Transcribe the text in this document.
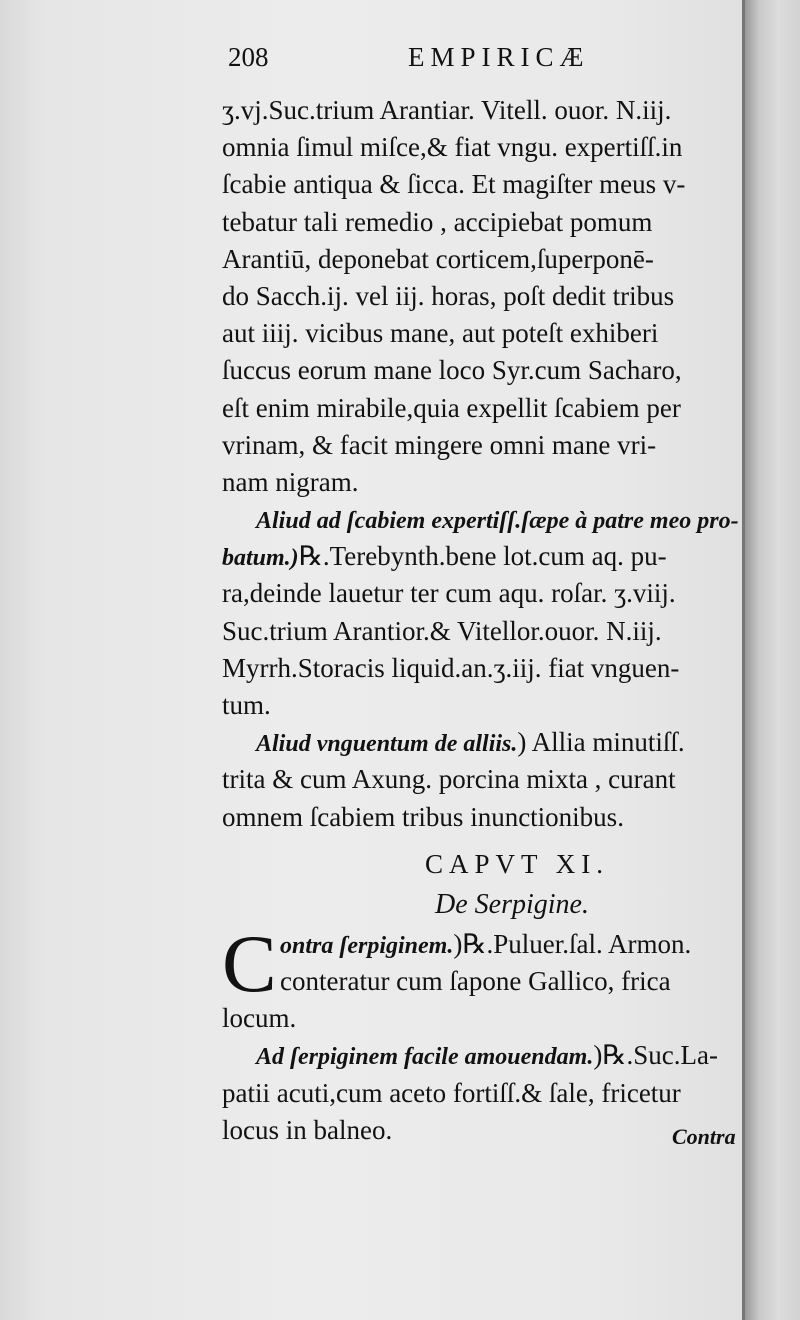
208	EMPIRICÆ
ʒ.vj.Suc.trium Arantiar. Vitell. ouor. N.iij.
omnia ſimul miſce,& fiat vngu. expertiſſ.in
ſcabie antiqua & ſicca. Et magiſter meus v-
tebatur tali remedio , accipiebat pomum
Arantiū, deponebat corticem,ſuperponē-
do Sacch.ij. vel iij. horas, poſt dedit tribus
aut iiij. vicibus mane, aut poteſt exhiberi
ſuccus eorum mane loco Syr.cum Sacharo,
eſt enim mirabile,quia expellit ſcabiem per
vrinam, & facit mingere omni mane vri-
nam nigram.
Aliud ad ſcabiem expertiſſ.ſæpe à patre meo pro-
batum.)℞.Terebynth.bene lot.cum aq. pu-
ra,deinde lauetur ter cum aqu. roſar. ʒ.viij.
Suc.trium Arantior.& Vitellor.ouor. N.iij.
Myrrh.Storacis liquid.an.ʒ.iij. fiat vnguen-
tum.
Aliud vnguentum de alliis.) Allia minutiſſ.
trita & cum Axung. porcina mixta , curant
omnem ſcabiem tribus inunctionibus.
CAPVT XI.
De Serpigine.
C ontra ſerpiginem.)℞.Puluer.ſal. Armon.
conteratur cum ſapone Gallico, frica
locum.
Ad ſerpiginem facile amouendam.)℞.Suc.La-
patii acuti,cum aceto fortiſſ.& ſale, fricetur
locus in balneo.	Contra
